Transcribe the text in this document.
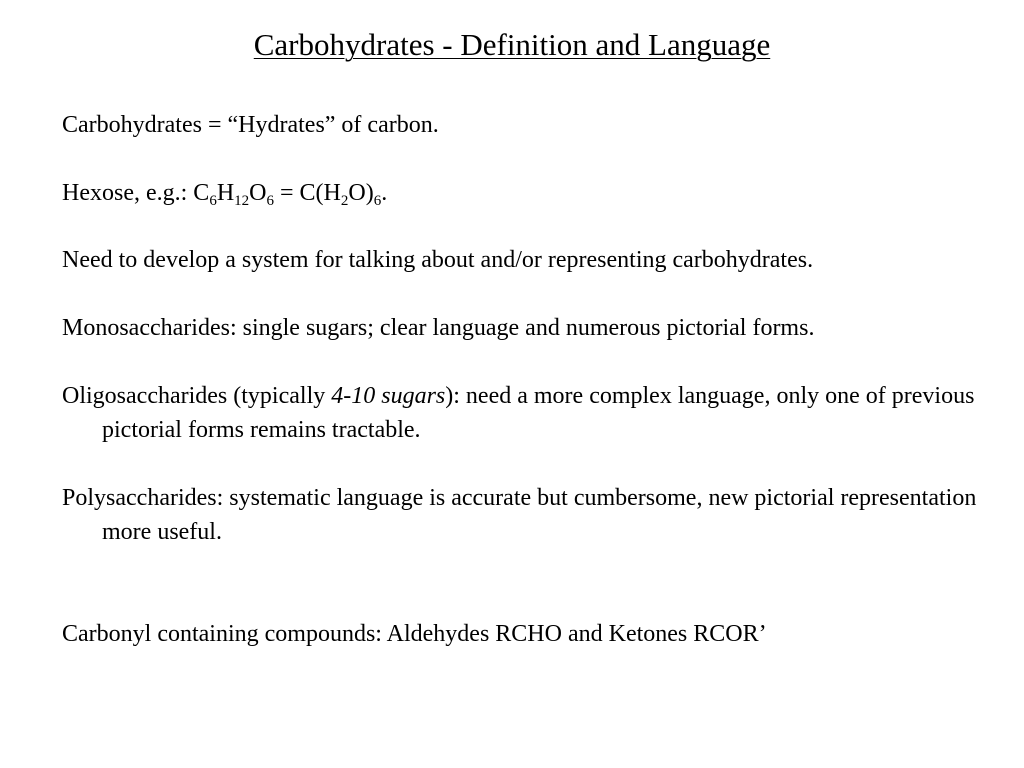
Carbohydrates - Definition and Language
Carbohydrates = “Hydrates” of carbon.
Hexose, e.g.: $C_6H_{12}O_6 = C(H_2O)_6$.
Need to develop a system for talking about and/or representing carbohydrates.
Monosaccharides: single sugars; clear language and numerous pictorial forms.
Oligosaccharides (typically 4-10 sugars): need a more complex language, only one of previous pictorial forms remains tractable.
Polysaccharides: systematic language is accurate but cumbersome, new pictorial representation more useful.
Carbonyl containing compounds: Aldehydes RCHO and Ketones RCOR’
